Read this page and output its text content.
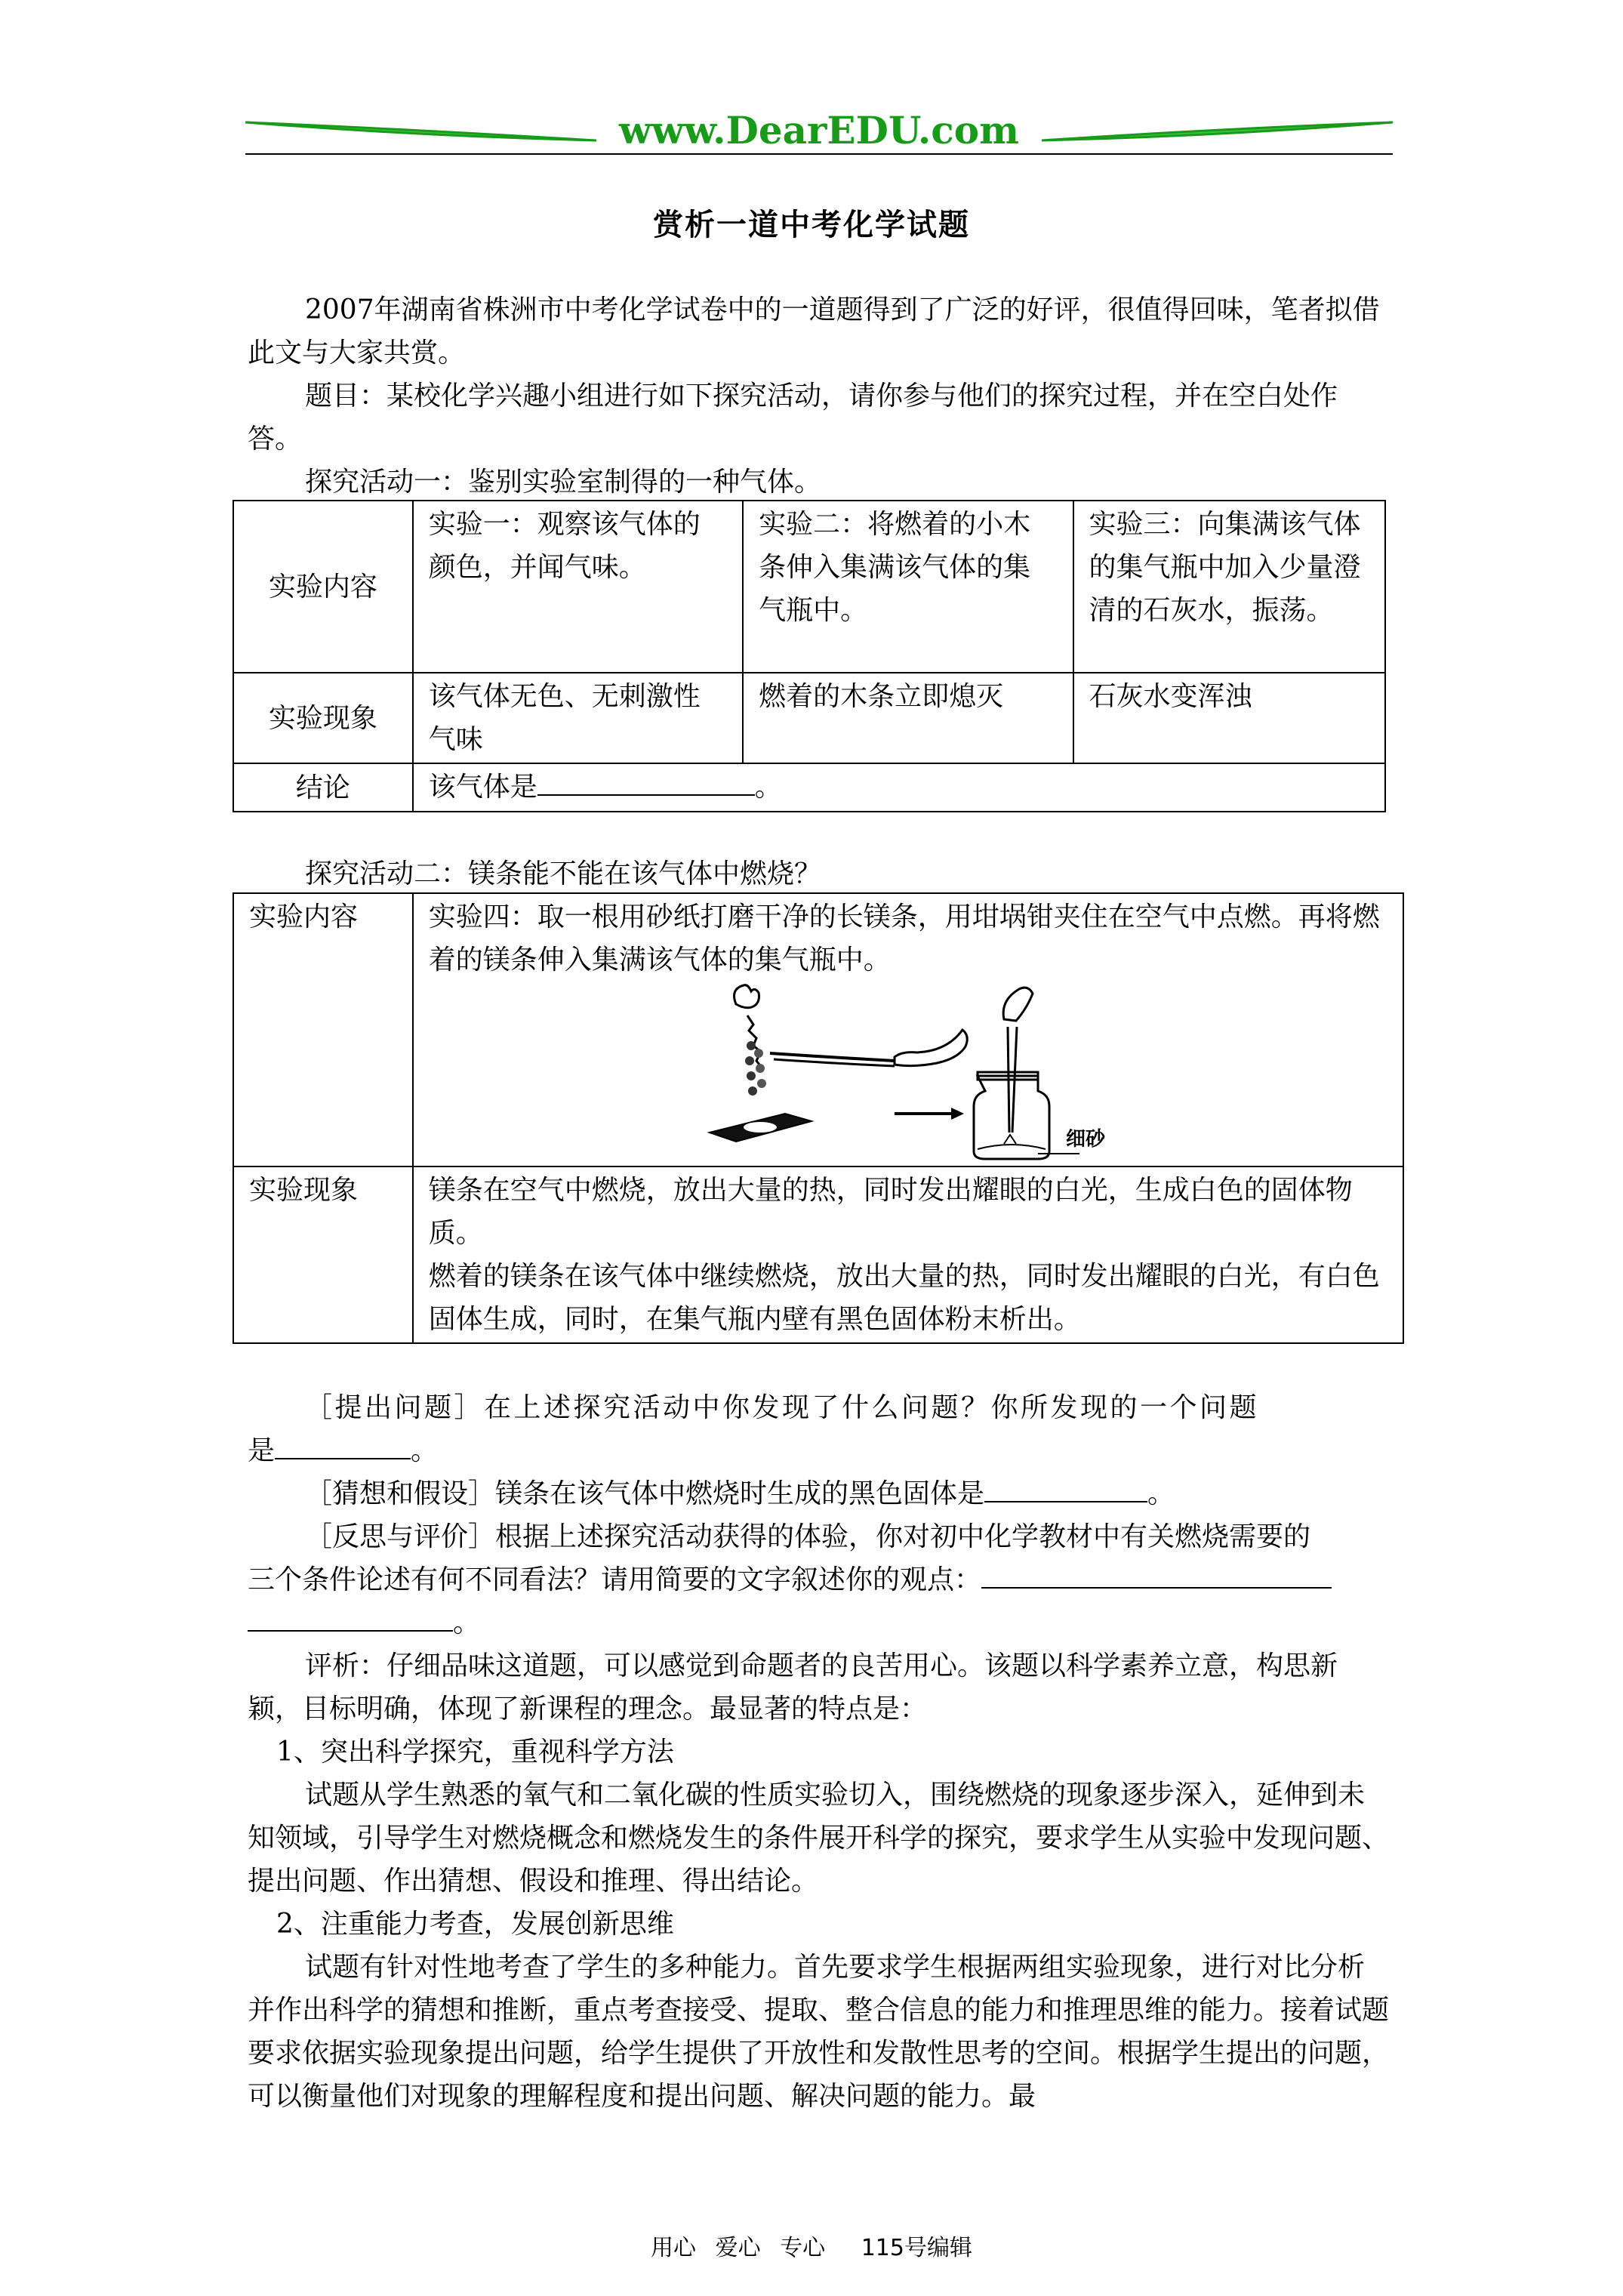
www.DearEDU.com
赏析一道中考化学试题

2007年湖南省株洲市中考化学试卷中的一道题得到了广泛的好评，很值得回味，笔者拟借此文与大家共赏。

题目：某校化学兴趣小组进行如下探究活动，请你参与他们的探究过程，并在空白处作答。

探究活动一：鉴别实验室制得的一种气体。
实验内容	实验一：观察该气体的颜色，并闻气味。	实验二：将燃着的小木条伸入集满该气体的集气瓶中。	实验三：向集满该气体的集气瓶中加入少量澄清的石灰水，振荡。
实验现象	该气体无色、无刺激性气味	燃着的木条立即熄灭	石灰水变浑浊
结论	该气体是 。		
探究活动二：镁条能不能在该气体中燃烧？
实验内容	实验四：取一根用砂纸打磨干净的长镁条，用坩埚钳夹住在空气中点燃。再将燃着的镁条伸入集满该气体的集气瓶中。

实验现象	镁条在空气中燃烧，放出大量的热，同时发出耀眼的白光，生成白色的固体物质。
燃着的镁条在该气体中继续燃烧，放出大量的热，同时发出耀眼的白光，有白色固体生成，同时，在集气瓶内壁有黑色固体粉末析出。
细砂
［提出问题］在上述探究活动中你发现了什么问题？你所发现的一个问题
是	。
［猜想和假设］镁条在该气体中燃烧时生成的黑色固体是	。
［反思与评价］根据上述探究活动获得的体验，你对初中化学教材中有关燃烧需要的
三个条件论述有何不同看法？请用简要的文字叙述你的观点：
。

评析：仔细品味这道题，可以感觉到命题者的良苦用心。该题以科学素养立意，构思新颖，目标明确，体现了新课程的理念。最显著的特点是：

1、突出科学探究，重视科学方法

试题从学生熟悉的氧气和二氧化碳的性质实验切入，围绕燃烧的现象逐步深入，延伸到未知领域，引导学生对燃烧概念和燃烧发生的条件展开科学的探究，要求学生从实验中发现问题、提出问题、作出猜想、假设和推理、得出结论。

2、注重能力考查，发展创新思维

试题有针对性地考查了学生的多种能力。首先要求学生根据两组实验现象，进行对比分析并作出科学的猜想和推断，重点考查接受、提取、整合信息的能力和推理思维的能力。接着试题要求依据实验现象提出问题，给学生提供了开放性和发散性思考的空间。根据学生提出的问题，可以衡量他们对现象的理解程度和提出问题、解决问题的能力。最

用心 爱心 专心 115号编辑
